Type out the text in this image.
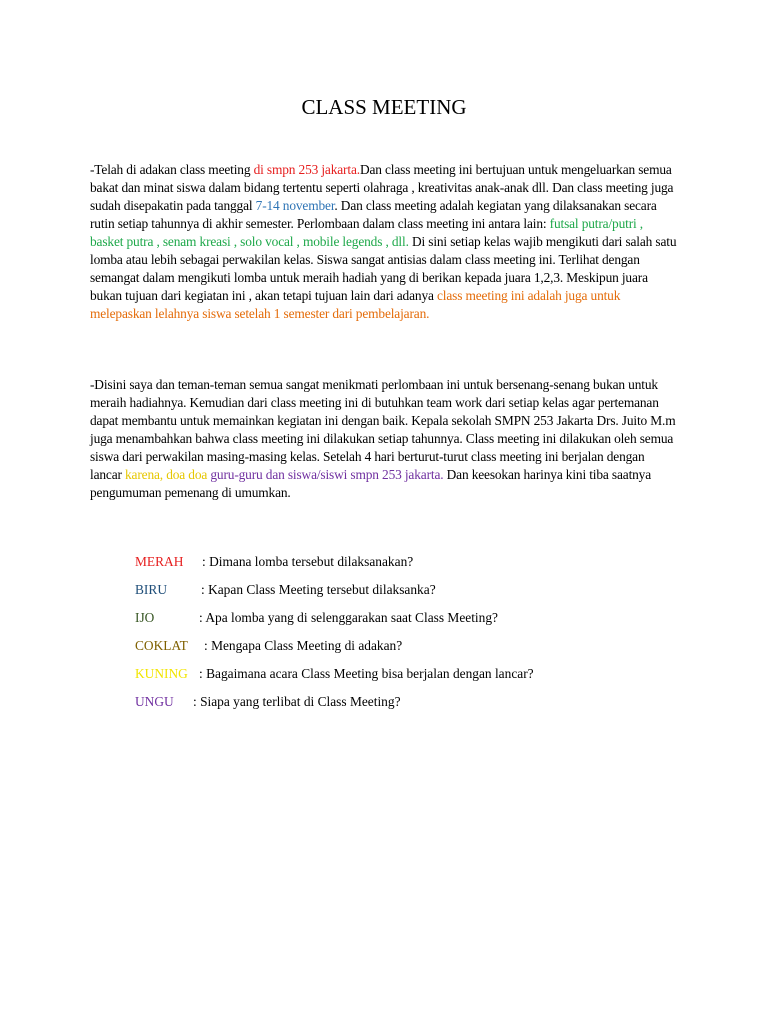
CLASS MEETING

-Telah di adakan class meeting di smpn 253 jakarta.Dan class meeting ini bertujuan untuk mengeluarkan semua bakat dan minat siswa dalam bidang tertentu seperti olahraga , kreativitas anak-anak dll. Dan class meeting juga sudah disepakatin pada tanggal 7-14 november. Dan class meeting adalah kegiatan yang dilaksanakan secara rutin setiap tahunnya di akhir semester. Perlombaan dalam class meeting ini antara lain: futsal putra/putri , basket putra , senam kreasi , solo vocal , mobile legends , dll. Di sini setiap kelas wajib mengikuti dari salah satu lomba atau lebih sebagai perwakilan kelas. Siswa sangat antisias dalam class meeting ini. Terlihat dengan semangat dalam mengikuti lomba untuk meraih hadiah yang di berikan kepada juara 1,2,3. Meskipun juara bukan tujuan dari kegiatan ini , akan tetapi tujuan lain dari adanya class meeting ini adalah juga untuk melepaskan lelahnya siswa setelah 1 semester dari pembelajaran.

-Disini saya dan teman-teman semua sangat menikmati perlombaan ini untuk bersenang-senang bukan untuk meraih hadiahnya. Kemudian dari class meeting ini di butuhkan team work dari setiap kelas agar pertemanan dapat membantu untuk memainkan kegiatan ini dengan baik. Kepala sekolah SMPN 253 Jakarta Drs. Juito M.m juga menambahkan bahwa class meeting ini dilakukan setiap tahunnya. Class meeting ini dilakukan oleh semua siswa dari perwakilan masing-masing kelas. Setelah 4 hari berturut-turut class meeting ini berjalan dengan lancar karena, doa doa guru-guru dan siswa/siswi smpn 253 jakarta. Dan keesokan harinya kini tiba saatnya pengumuman pemenang di umumkan.

MERAH : Dimana lomba tersebut dilaksanakan?
BIRU	: Kapan Class Meeting tersebut dilaksanka?
IJO	: Apa lomba yang di selenggarakan saat Class Meeting?
COKLAT : Mengapa Class Meeting di adakan?
KUNING : Bagaimana acara Class Meeting bisa berjalan dengan lancar?
UNGU : Siapa yang terlibat di Class Meeting?
